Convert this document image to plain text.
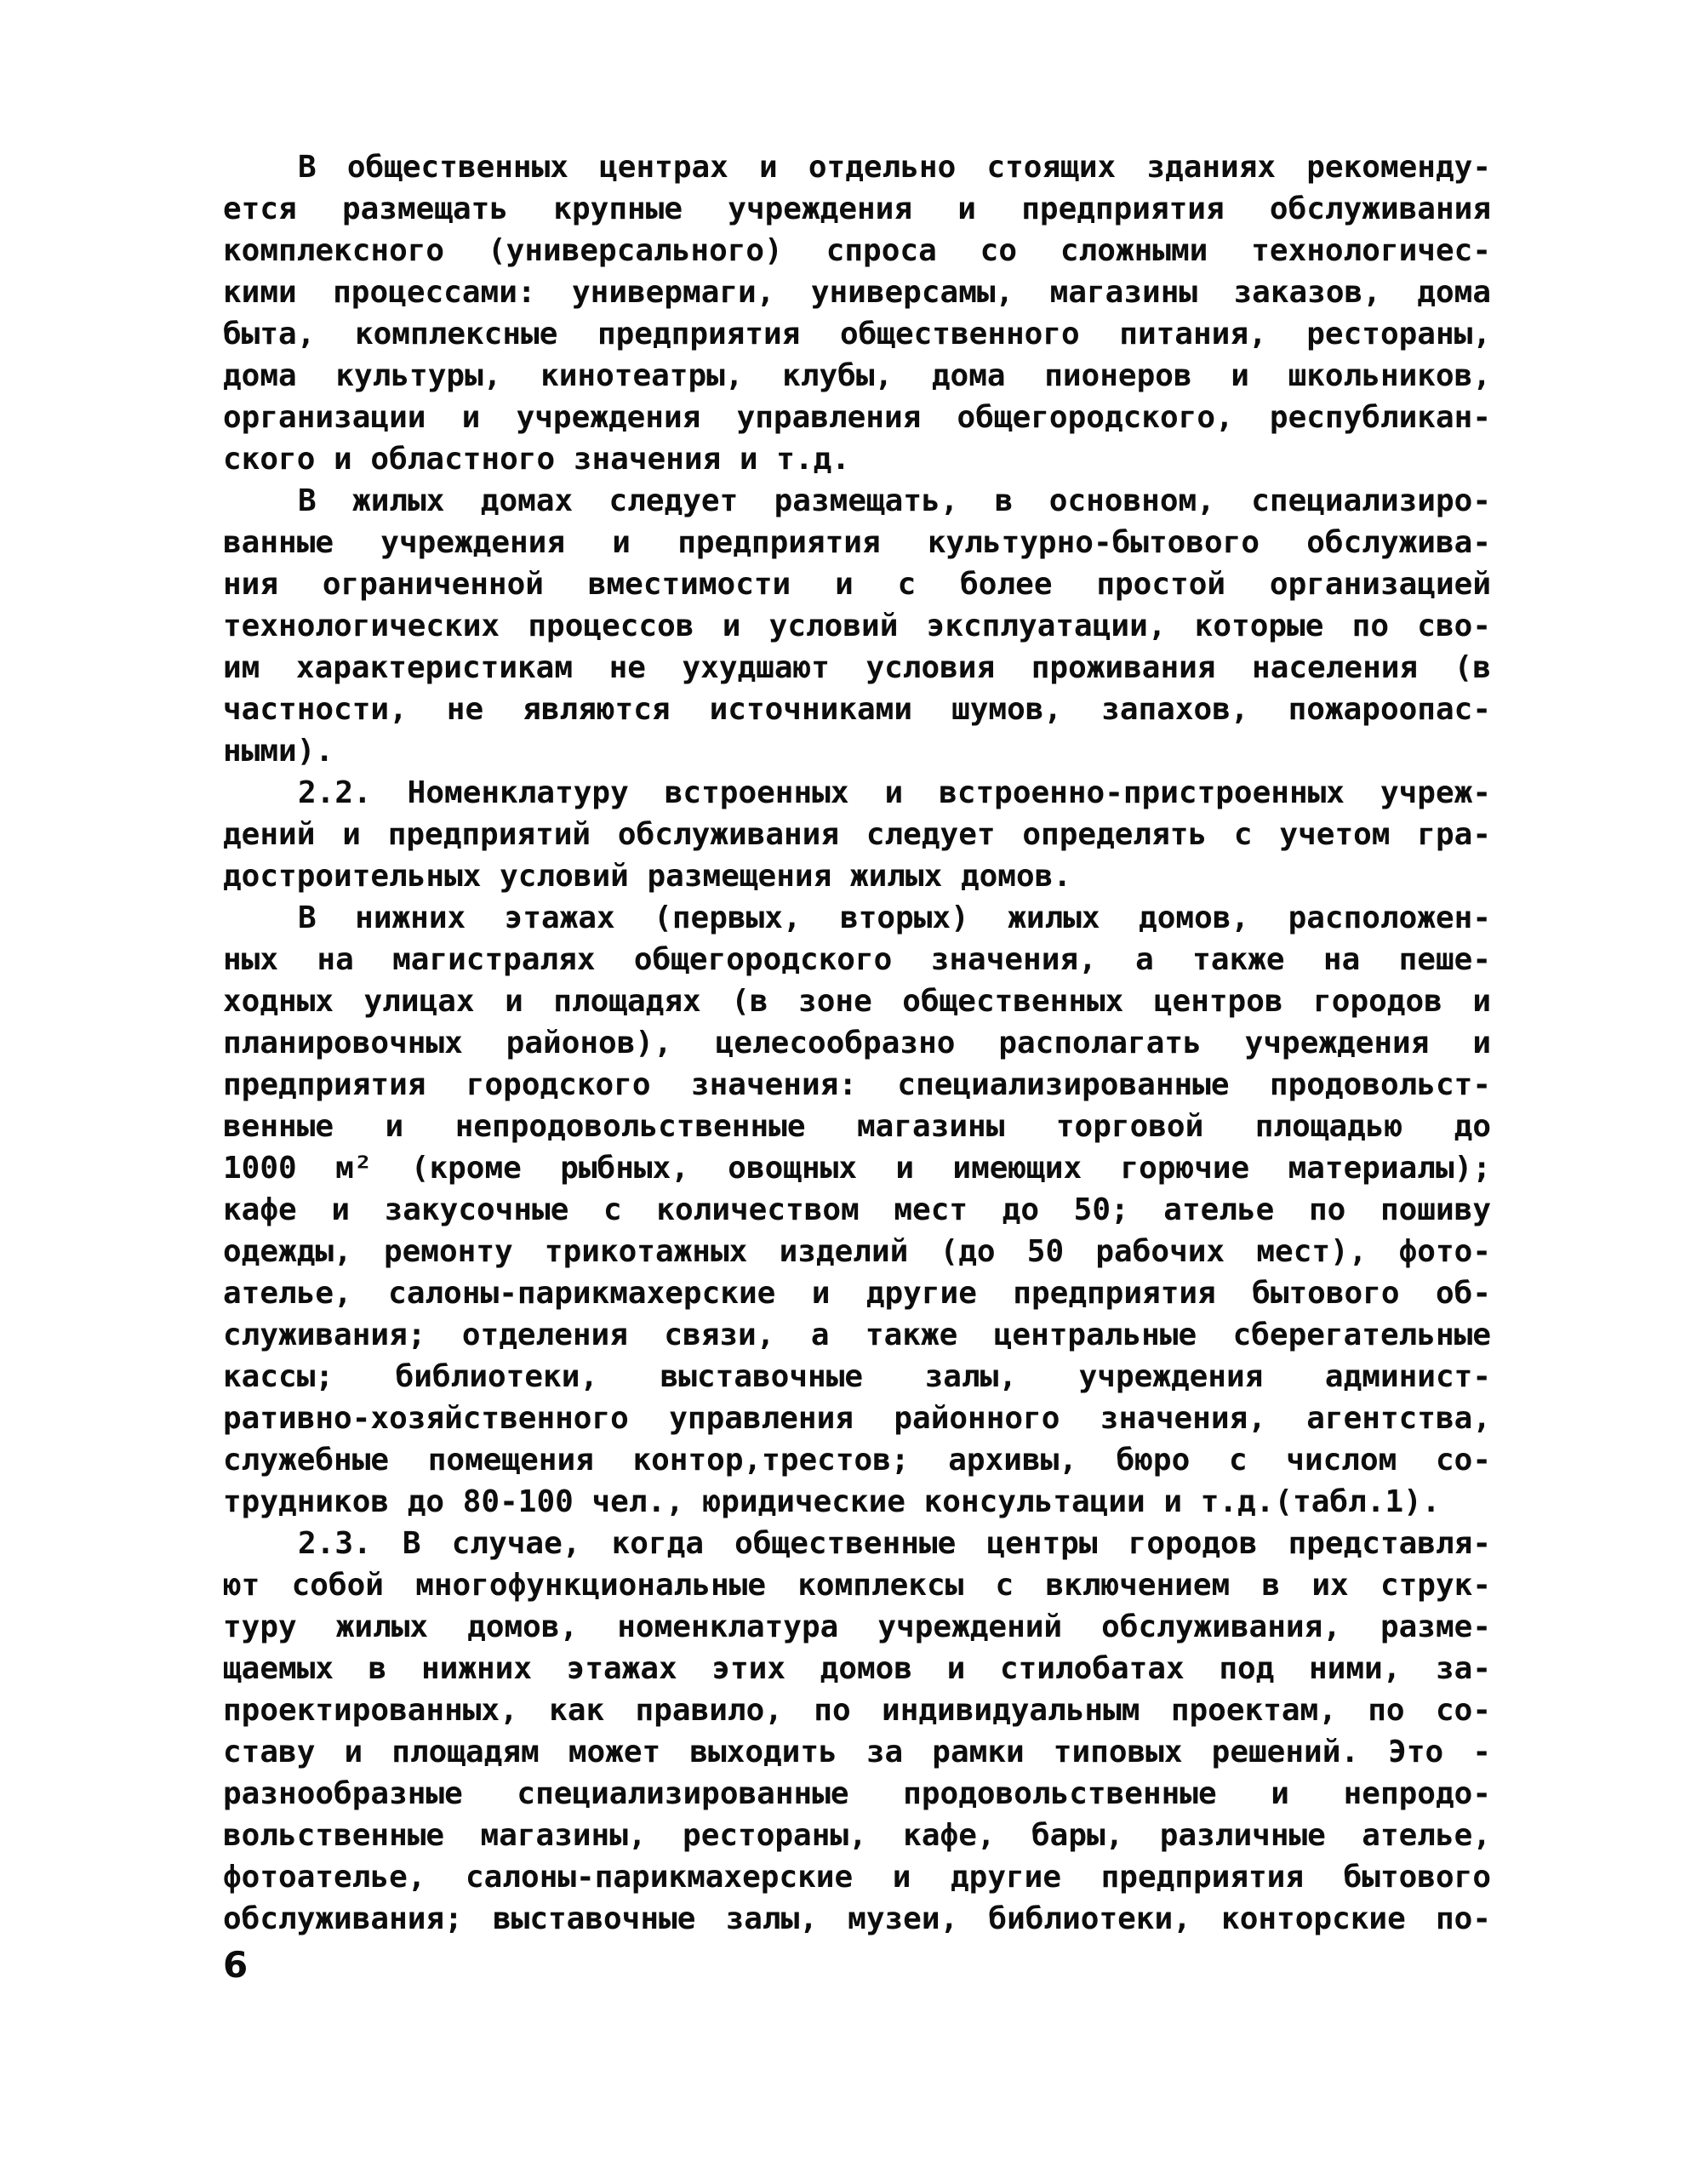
В общественных центрах и отдельно стоящих зданиях рекоменду-
ется размещать крупные учреждения и предприятия обслуживания
комплексного (универсального) спроса со сложными технологичес-
кими процессами: универмаги, универсамы, магазины заказов, дома
быта, комплексные предприятия общественного питания, рестораны,
дома культуры, кинотеатры, клубы, дома пионеров и школьников,
организации и учреждения управления общегородского, республикан-
ского и областного значения и т.д.
В жилых домах следует размещать, в основном, специализиро-
ванные учреждения и предприятия культурно-бытового обслужива-
ния ограниченной вместимости и с более простой организацией
технологических процессов и условий эксплуатации, которые по сво-
им характеристикам не ухудшают условия проживания населения (в
частности, не являются источниками шумов, запахов, пожароопас-
ными).
2.2. Номенклатуру встроенных и встроенно-пристроенных учреж-
дений и предприятий обслуживания следует определять с учетом гра-
достроительных условий размещения жилых домов.
В нижних этажах (первых, вторых) жилых домов, расположен-
ных на магистралях общегородского значения, а также на пеше-
ходных улицах и площадях (в зоне общественных центров городов и
планировочных районов), целесообразно располагать учреждения и
предприятия городского значения: специализированные продовольст-
венные и непродовольственные магазины торговой площадью до
1000 м² (кроме рыбных, овощных и имеющих горючие материалы);
кафе и закусочные с количеством мест до 50; ателье по пошиву
одежды, ремонту трикотажных изделий (до 50 рабочих мест), фото-
ателье, салоны-парикмахерские и другие предприятия бытового об-
служивания; отделения связи, а также центральные сберегательные
кассы; библиотеки, выставочные залы, учреждения админист-
ративно-хозяйственного управления районного значения, агентства,
служебные помещения контор,трестов; архивы, бюро с числом со-
трудников до 80-100 чел., юридические консультации и т.д.(табл.1).
2.3. В случае, когда общественные центры городов представля-
ют собой многофункциональные комплексы с включением в их струк-
туру жилых домов, номенклатура учреждений обслуживания, разме-
щаемых в нижних этажах этих домов и стилобатах под ними, за-
проектированных, как правило, по индивидуальным проектам, по со-
ставу и площадям может выходить за рамки типовых решений. Это -
разнообразные специализированные продовольственные и непродо-
вольственные магазины, рестораны, кафе, бары, различные ателье,
фотоателье, салоны-парикмахерские и другие предприятия бытового
обслуживания; выставочные залы, музеи, библиотеки, конторские по-
6
